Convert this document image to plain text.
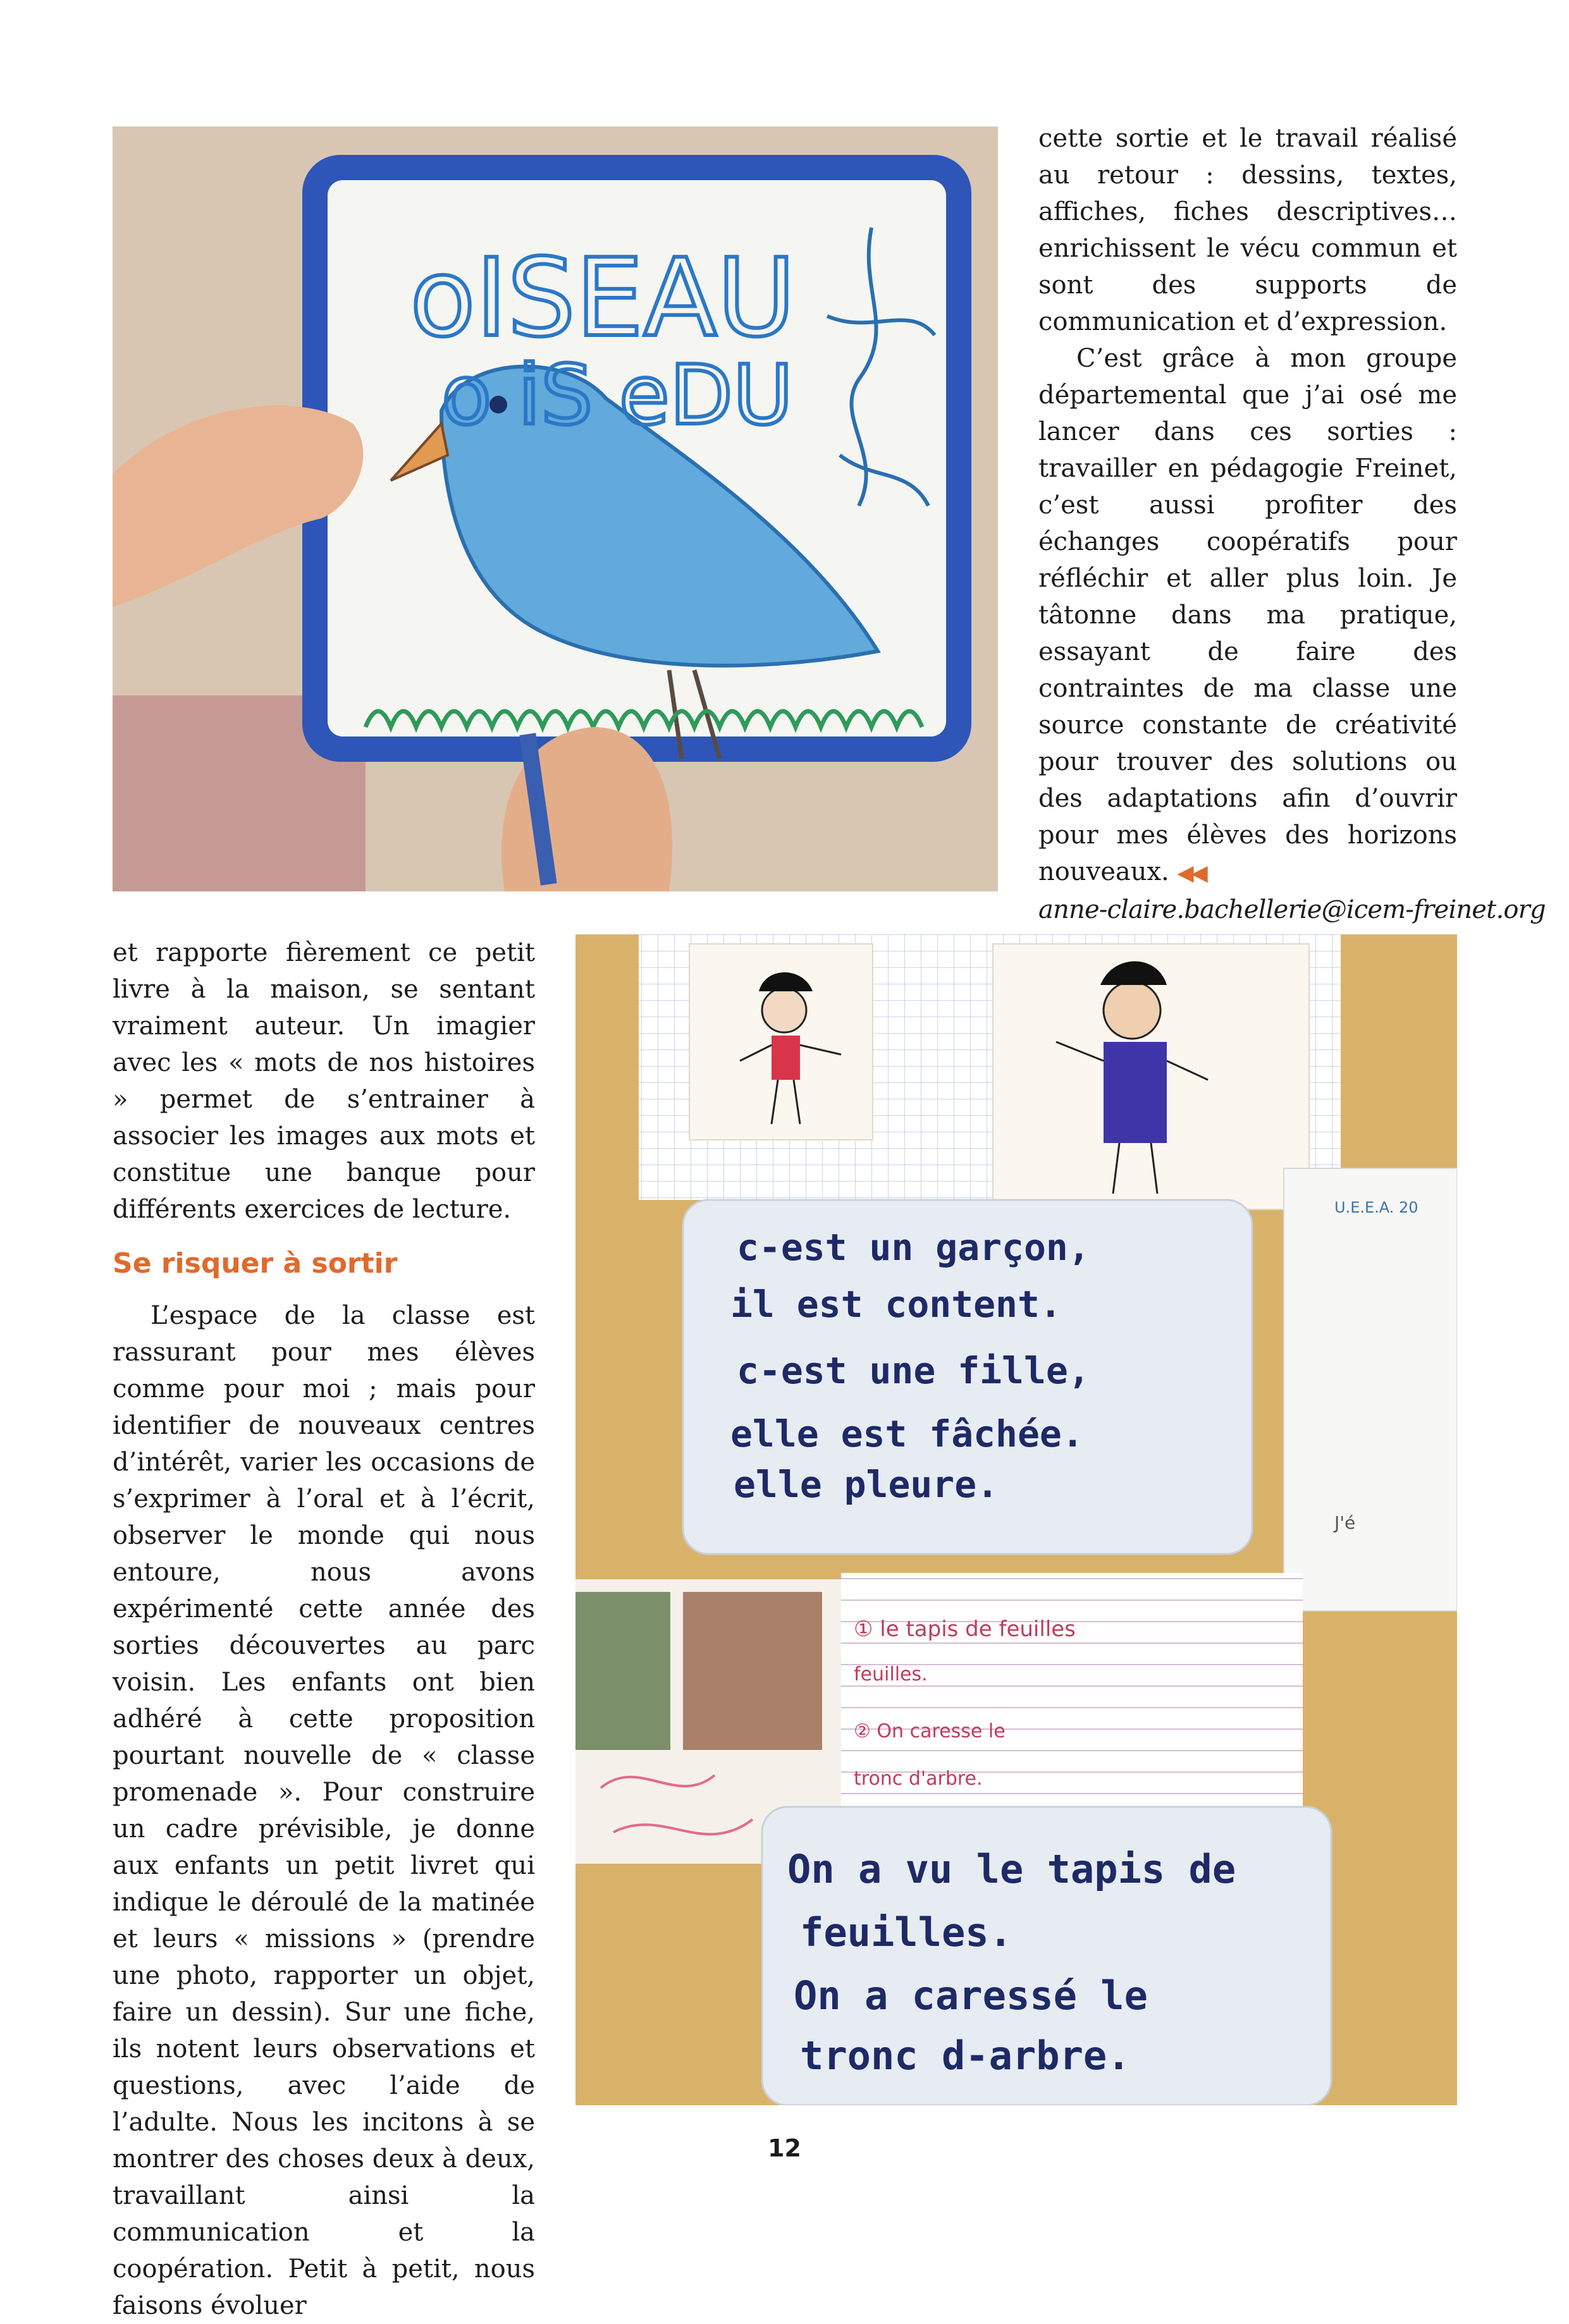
oISEAU
o iS eDU

cette sortie et le travail réalisé au retour : dessins, textes, affiches, fiches descriptives… enrichissent le vécu commun et sont des supports de communication et d’expression.

C’est grâce à mon groupe départemental que j’ai osé me lancer dans ces sorties : travailler en pédagogie Freinet, c’est aussi profiter des échanges coopératifs pour réfléchir et aller plus loin. Je tâtonne dans ma pratique, essayant de faire des contraintes de ma classe une source constante de créativité pour trouver des solutions ou des adaptations afin d’ouvrir pour mes élèves des horizons nouveaux. ◀◀

anne-claire.bachellerie@icem-freinet.org

et rapporte fièrement ce petit livre à la maison, se sentant vraiment auteur. Un imagier avec les « mots de nos histoires » permet de s’entrainer à associer les images aux mots et constitue une banque pour différents exercices de lecture.

Se risquer à sortir

L’espace de la classe est rassurant pour mes élèves comme pour moi ; mais pour identifier de nouveaux centres d’intérêt, varier les occasions de s’exprimer à l’oral et à l’écrit, observer le monde qui nous entoure, nous avons expérimenté cette année des sorties découvertes au parc voisin. Les enfants ont bien adhéré à cette proposition pourtant nouvelle de « classe promenade ». Pour construire un cadre prévisible, je donne aux enfants un petit livret qui indique le déroulé de la matinée et leurs « missions » (prendre une photo, rapporter un objet, faire un dessin). Sur une fiche, ils notent leurs observations et questions, avec l’aide de l’adulte. Nous les incitons à se montrer des choses deux à deux, travaillant ainsi la communication et la coopération. Petit à petit, nous faisons évoluer

U.E.E.A. 20
J'é
c-est un garçon,
il est content.
c-est une fille,
elle est fâchée.
elle pleure.
① le tapis de feuilles
feuilles.
② On caresse le
tronc d'arbre.
On a vu le tapis de
feuilles.
On a caressé le
tronc d-arbre.
12
